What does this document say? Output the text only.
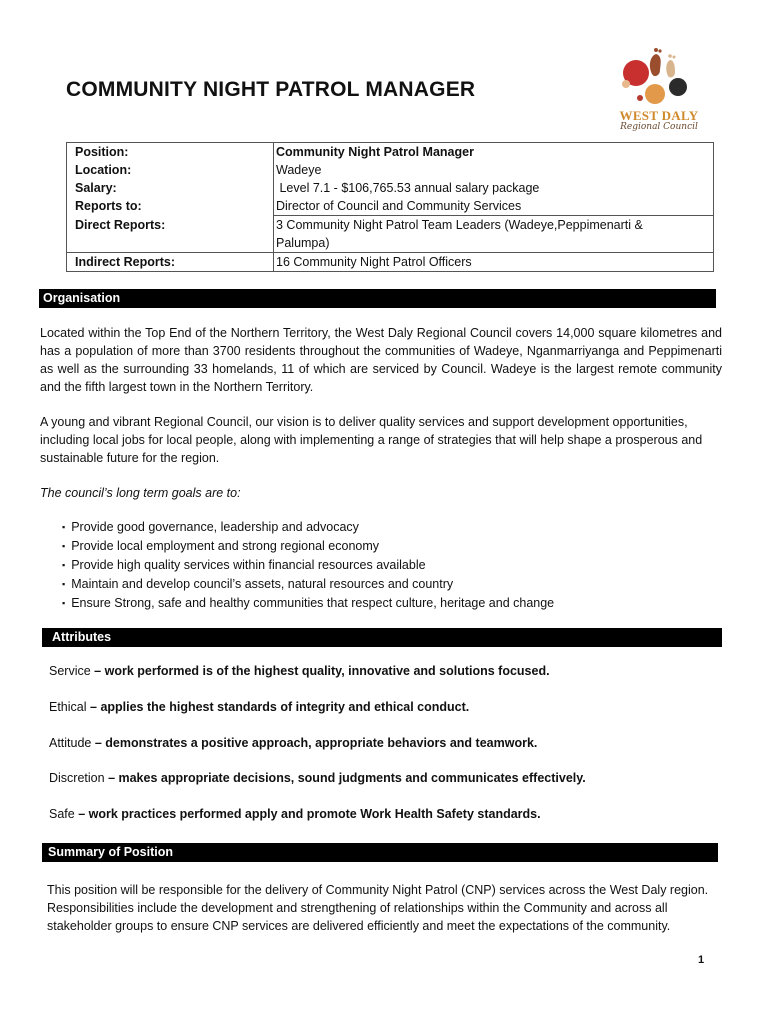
COMMUNITY NIGHT PATROL MANAGER
WEST DALY
Regional Council
Position:	Community Night Patrol Manager
Location:	Wadeye
Salary:	Level 7.1 - $106,765.53 annual salary package
Reports to:	Director of Council and Community Services
Direct Reports:	3 Community Night Patrol Team Leaders (Wadeye,Peppimenarti &
Palumpa)

Indirect Reports:	16 Community Night Patrol Officers
Organisation
Located within the Top End of the Northern Territory, the West Daly Regional Council covers 14,000 square kilometres and has a population of more than 3700 residents throughout the communities of Wadeye, Nganmarriyanga and Peppimenarti as well as the surrounding 33 homelands, 11 of which are serviced by Council. Wadeye is the largest remote community and the fifth largest town in the Northern Territory.
A young and vibrant Regional Council, our vision is to deliver quality services and support development opportunities, including local jobs for local people, along with implementing a range of strategies that will help shape a prosperous and sustainable future for the region.
The council’s long term goals are to:
▪ Provide good governance, leadership and advocacy
▪ Provide local employment and strong regional economy
▪ Provide high quality services within financial resources available
▪ Maintain and develop council’s assets, natural resources and country
▪ Ensure Strong, safe and healthy communities that respect culture, heritage and change
Attributes
Service – work performed is of the highest quality, innovative and solutions focused.
Ethical – applies the highest standards of integrity and ethical conduct.
Attitude – demonstrates a positive approach, appropriate behaviors and teamwork.
Discretion – makes appropriate decisions, sound judgments and communicates effectively.
Safe – work practices performed apply and promote Work Health Safety standards.
Summary of Position
This position will be responsible for the delivery of Community Night Patrol (CNP) services across the West Daly region. Responsibilities include the development and strengthening of relationships within the Community and across all stakeholder groups to ensure CNP services are delivered efficiently and meet the expectations of the community.
1
